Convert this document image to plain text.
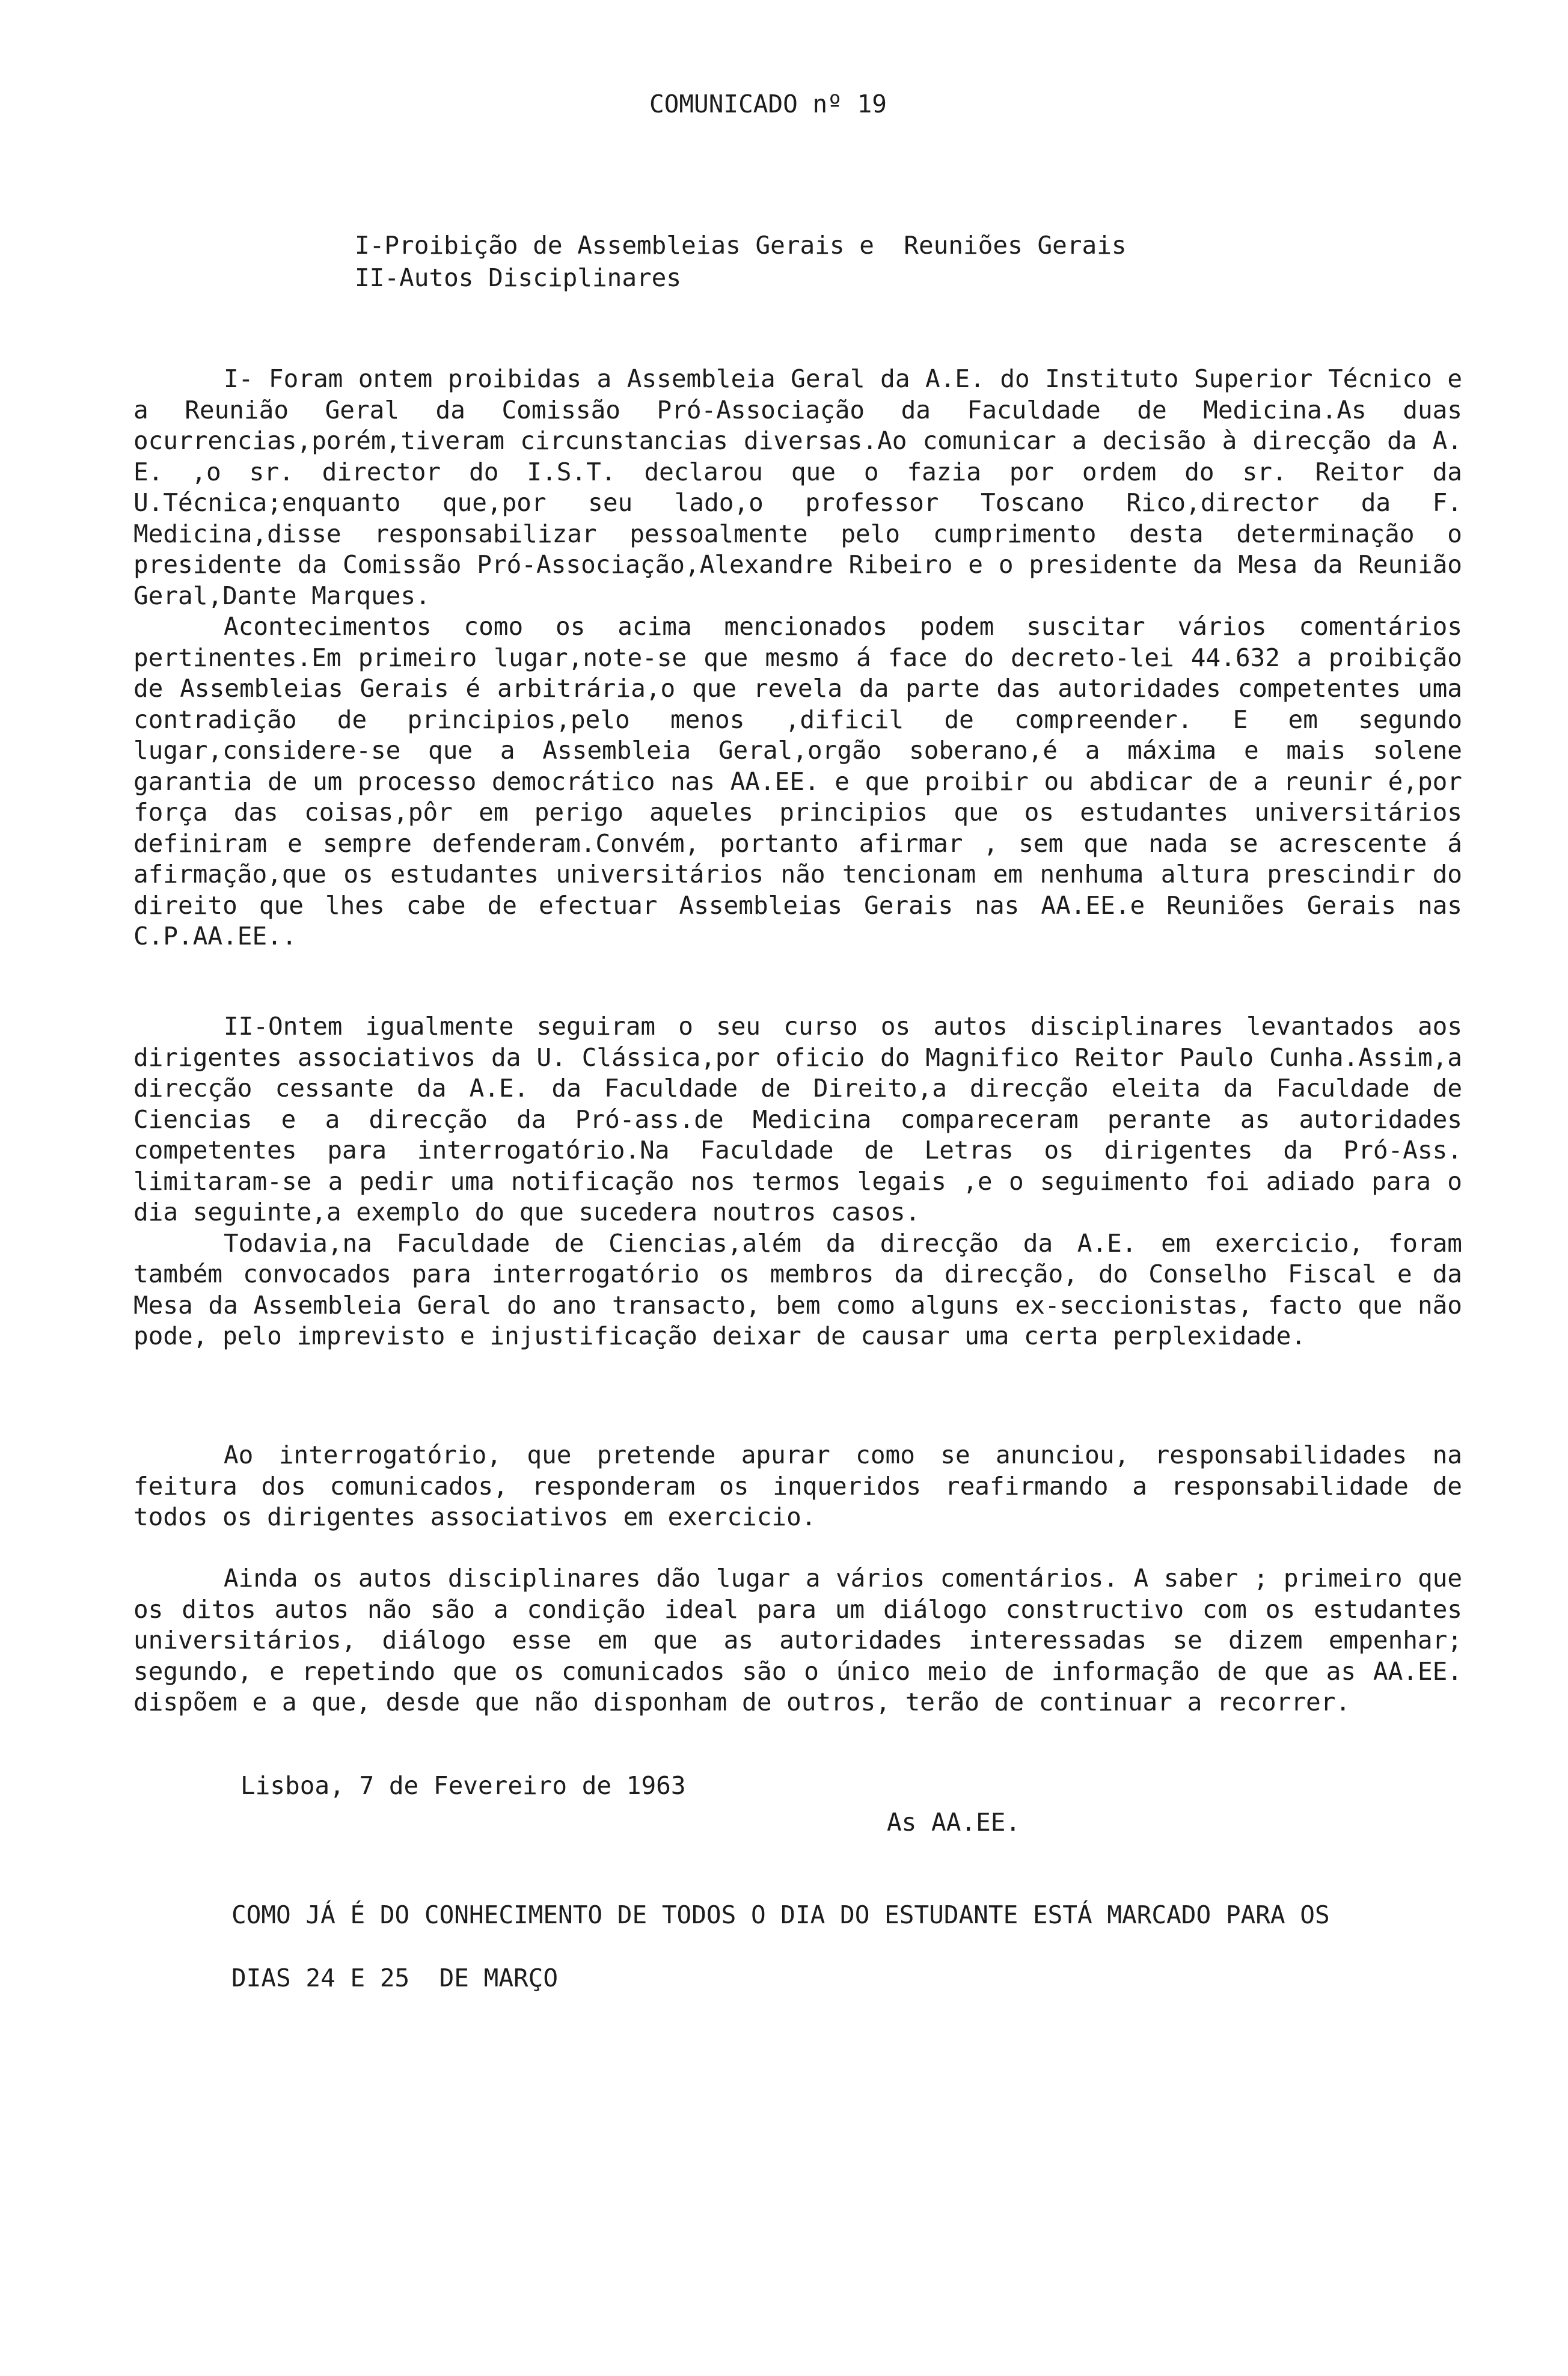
COMUNICADO nº 19
I-Proibição de Assembleias Gerais e  Reuniões Gerais
II-Autos Disciplinares

I- Foram ontem proibidas a Assembleia Geral da A.E. do Instituto Superior Técnico e a Reunião Geral da Comissão Pró-Associação da Faculdade de Medicina.As duas ocurrencias,porém,tiveram circunstancias diversas.Ao comunicar a decisão à direcção da A. E. ,o sr. director do I.S.T. declarou que o fazia por ordem do sr. Reitor da U.Técnica;enquanto que,por seu lado,o professor Toscano Rico,director da F. Medicina,disse responsabilizar pessoalmente pelo cumprimento desta determinação o presidente da Comissão Pró-Associação,Alexandre Ribeiro e o presidente da Mesa da Reunião Geral,Dante Marques.

Acontecimentos como os acima mencionados podem suscitar vários comentários pertinentes.Em primeiro lugar,note-se que mesmo á face do decreto-lei 44.632 a proibição de Assembleias Gerais é arbitrária,o que revela da parte das autoridades competentes uma contradição de principios,pelo menos ,dificil de compreender. E em segundo lugar,considere-se que a Assembleia Geral,orgão soberano,é a máxima e mais solene garantia de um processo democrático nas AA.EE. e que proibir ou abdicar de a reunir é,por força das coisas,pôr em perigo aqueles principios que os estudantes universitários definiram e sempre defenderam.Convém, portanto afirmar , sem que nada se acrescente á afirmação,que os estudantes universitários não tencionam em nenhuma altura prescindir do direito que lhes cabe de efectuar Assembleias Gerais nas AA.EE.e Reuniões Gerais nas C.P.AA.EE..

II-Ontem igualmente seguiram o seu curso os autos disciplinares levantados aos dirigentes associativos da U. Clássica,por oficio do Magnifico Reitor Paulo Cunha.Assim,a direcção cessante da A.E. da Faculdade de Direito,a direcção eleita da Faculdade de Ciencias e a direcção da Pró-ass.de Medicina compareceram perante as autoridades competentes para interrogatório.Na Faculdade de Letras os dirigentes da Pró-Ass. limitaram-se a pedir uma notificação nos termos legais ,e o seguimento foi adiado para o dia seguinte,a exemplo do que sucedera noutros casos.

Todavia,na Faculdade de Ciencias,além da direcção da A.E. em exercicio, foram também convocados para interrogatório os membros da direcção, do Conselho Fiscal e da Mesa da Assembleia Geral do ano transacto, bem como alguns ex-seccionistas, facto que não pode, pelo imprevisto e injustificação deixar de causar uma certa perplexidade.

Ao interrogatório, que pretende apurar como se anunciou, responsabilidades na feitura dos comunicados, responderam os inqueridos reafirmando a responsabilidade de todos os dirigentes associativos em exercicio.

Ainda os autos disciplinares dão lugar a vários comentários. A saber ; primeiro que os ditos autos não são a condição ideal para um diálogo constructivo com os estudantes universitários, diálogo esse em que as autoridades interessadas se dizem empenhar; segundo, e repetindo que os comunicados são o único meio de informação de que as AA.EE. dispõem e a que, desde que não disponham de outros, terão de continuar a recorrer.

Lisboa, 7 de Fevereiro de 1963
As AA.EE.
COMO JÁ É DO CONHECIMENTO DE TODOS O DIA DO ESTUDANTE ESTÁ MARCADO PARA OS
DIAS 24 E 25  DE MARÇO
